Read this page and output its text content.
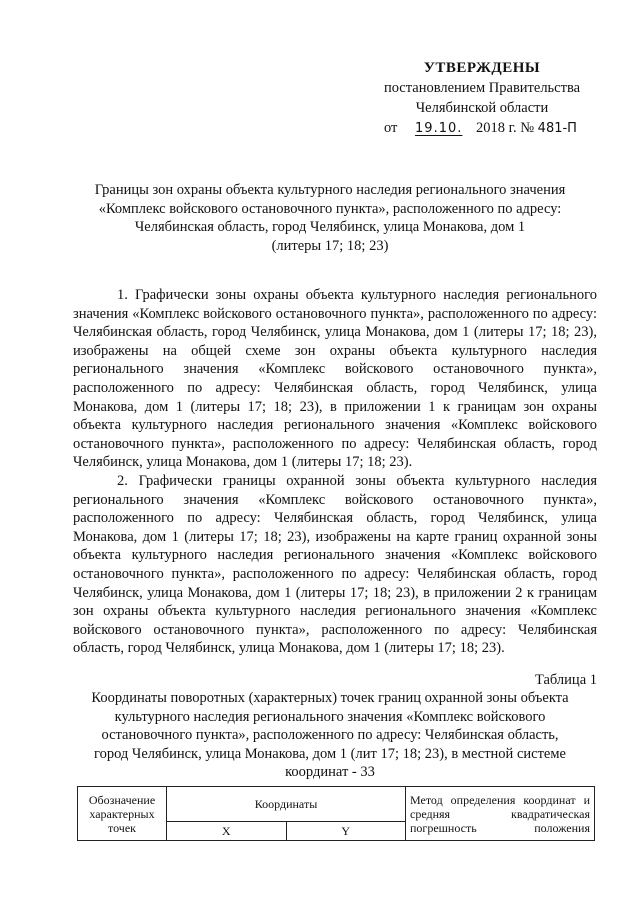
УТВЕРЖДЕНЫ
постановлением Правительства
Челябинской области
от 19.10. 2018 г. № 481-П
Границы зон охраны объекта культурного наследия регионального значения
«Комплекс войскового остановочного пункта», расположенного по адресу:
Челябинская область, город Челябинск, улица Монакова, дом 1
(литеры 17; 18; 23)

1. Графически зоны охраны объекта культурного наследия регионального значения «Комплекс войскового остановочного пункта», расположенного по адресу: Челябинская область, город Челябинск, улица Монакова, дом 1 (литеры 17; 18; 23), изображены на общей схеме зон охраны объекта культурного наследия регионального значения «Комплекс войскового остановочного пункта», расположенного по адресу: Челябинская область, город Челябинск, улица Монакова, дом 1 (литеры 17; 18; 23), в приложении 1 к границам зон охраны объекта культурного наследия регионального значения «Комплекс войскового остановочного пункта», расположенного по адресу: Челябинская область, город Челябинск, улица Монакова, дом 1 (литеры 17; 18; 23).

2. Графически границы охранной зоны объекта культурного наследия регионального значения «Комплекс войскового остановочного пункта», расположенного по адресу: Челябинская область, город Челябинск, улица Монакова, дом 1 (литеры 17; 18; 23), изображены на карте границ охранной зоны объекта культурного наследия регионального значения «Комплекс войскового остановочного пункта», расположенного по адресу: Челябинская область, город Челябинск, улица Монакова, дом 1 (литеры 17; 18; 23), в приложении 2 к границам зон охраны объекта культурного наследия регионального значения «Комплекс войскового остановочного пункта», расположенного по адресу: Челябинская область, город Челябинск, улица Монакова, дом 1 (литеры 17; 18; 23).

Таблица 1
Координаты поворотных (характерных) точек границ охранной зоны объекта
культурного наследия регионального значения «Комплекс войскового
остановочного пункта», расположенного по адресу: Челябинская область,
город Челябинск, улица Монакова, дом 1 (лит 17; 18; 23), в местной системе
координат - 33
Обозначение характерных точек	Координаты		Метод определения координат и средняя квадратическая погрешность положения
	X	Y	
